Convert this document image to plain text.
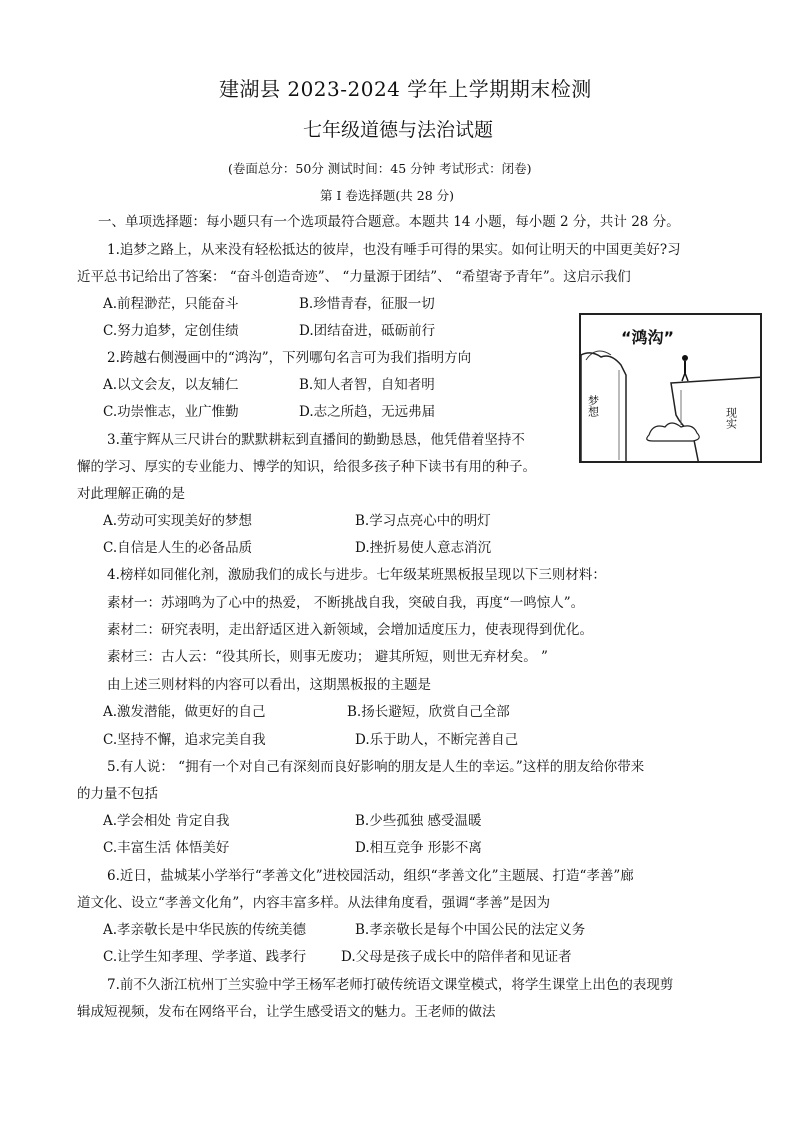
建湖县 2023-2024 学年上学期期末检测
七年级道德与法治试题
(卷面总分：50分 测试时间：45 分钟 考试形式：闭卷)
第 I 卷选择题(共 28 分)
一、单项选择题：每小题只有一个选项最符合题意。本题共 14 小题，每小题 2 分，共计 28 分。
1.追梦之路上，从来没有轻松抵达的彼岸，也没有唾手可得的果实。如何让明天的中国更美好?习
近平总书记给出了答案： “奋斗创造奇迹”、 “力量源于团结”、 “希望寄予青年”。这启示我们
A.前程渺茫，只能奋斗	B.珍惜青春，征服一切
C.努力追梦，定创佳绩	D.团结奋进，砥砺前行	“鸿沟”
梦想
现实
2.跨越右侧漫画中的“鸿沟”，下列哪句名言可为我们指明方向
A.以文会友，以友辅仁	B.知人者智，自知者明
C.功崇惟志，业广惟勤	D.志之所趋，无远弗届
3.董宇辉从三尺讲台的默默耕耘到直播间的勤勤恳恳，他凭借着坚持不
懈的学习、厚实的专业能力、博学的知识，给很多孩子种下读书有用的种子。
对此理解正确的是
A.劳动可实现美好的梦想	B.学习点亮心中的明灯
C.自信是人生的必备品质	D.挫折易使人意志消沉
4.榜样如同催化剂，激励我们的成长与进步。七年级某班黑板报呈现以下三则材料：
素材一：苏翊鸣为了心中的热爱， 不断挑战自我，突破自我，再度“一鸣惊人”。
素材二：研究表明，走出舒适区进入新领域，会增加适度压力，使表现得到优化。
素材三：古人云：“役其所长，则事无废功； 避其所短，则世无弃材矣。 ”
由上述三则材料的内容可以看出，这期黑板报的主题是
A.激发潜能，做更好的自己	B.扬长避短，欣赏自己全部
C.坚持不懈，追求完美自我	D.乐于助人，不断完善自己
5.有人说： “拥有一个对自己有深刻而良好影响的朋友是人生的幸运。”这样的朋友给你带来
的力量不包括
A.学会相处 肯定自我	B.少些孤独 感受温暖
C.丰富生活 体悟美好	D.相互竞争 形影不离
6.近日，盐城某小学举行“孝善文化”进校园活动，组织“孝善文化”主题展、打造“孝善”廊
道文化、设立“孝善文化角”，内容丰富多样。从法律角度看，强调“孝善”是因为
A.孝亲敬长是中华民族的传统美德	B.孝亲敬长是每个中国公民的法定义务
C.让学生知孝理、学孝道、践孝行	D.父母是孩子成长中的陪伴者和见证者
7.前不久浙江杭州丁兰实验中学王杨军老师打破传统语文课堂模式，将学生课堂上出色的表现剪
辑成短视频，发布在网络平台，让学生感受语文的魅力。王老师的做法
